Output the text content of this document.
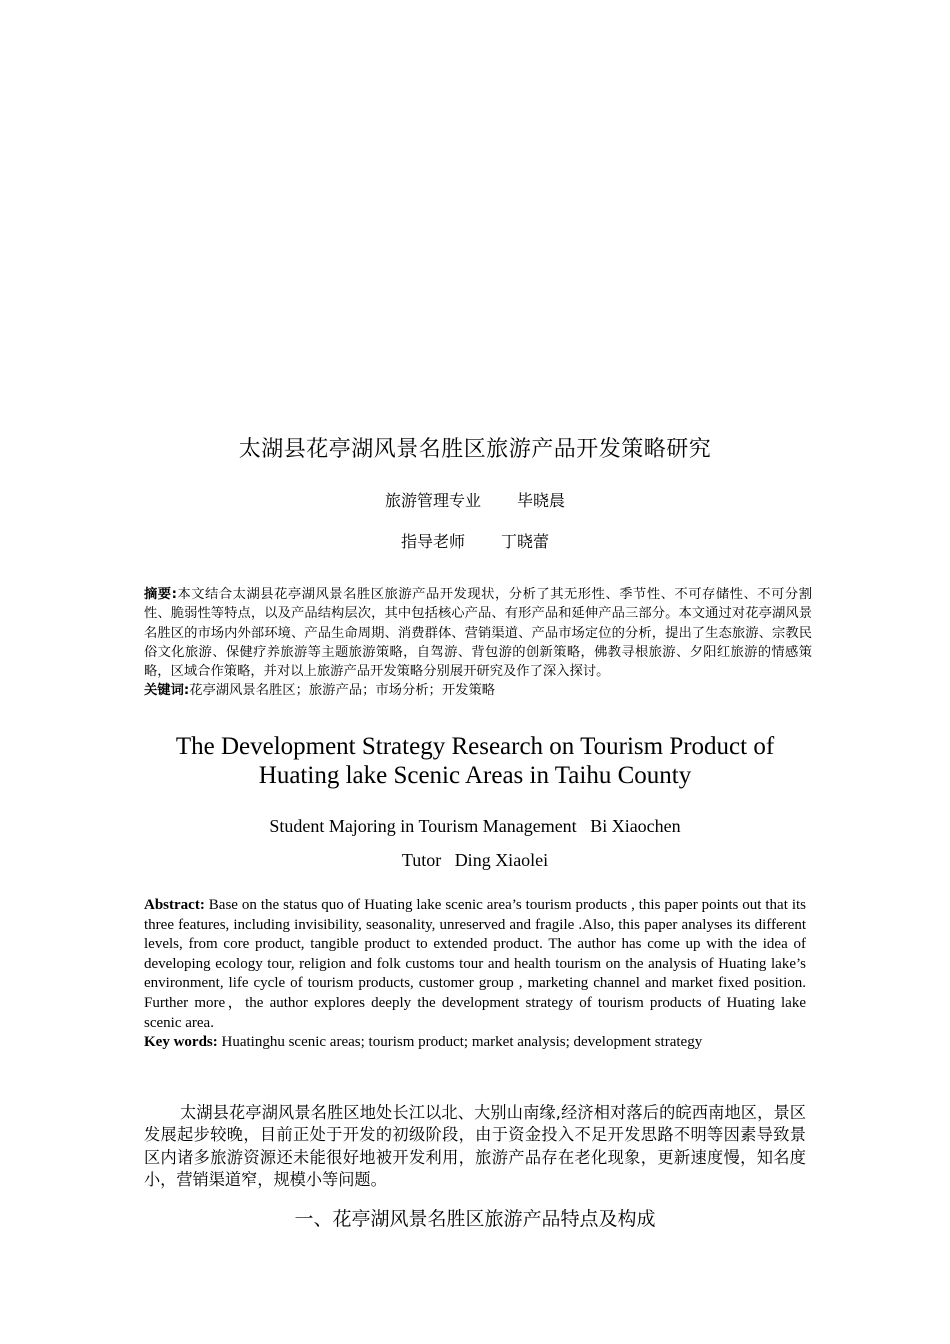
太湖县花亭湖风景名胜区旅游产品开发策略研究
旅游管理专业 毕晓晨
指导老师 丁晓蕾
摘要:本文结合太湖县花亭湖风景名胜区旅游产品开发现状，分析了其无形性、季节性、不可存储性、不可分割性、脆弱性等特点，以及产品结构层次，其中包括核心产品、有形产品和延伸产品三部分。本文通过对花亭湖风景名胜区的市场内外部环境、产品生命周期、消费群体、营销渠道、产品市场定位的分析，提出了生态旅游、宗教民俗文化旅游、保健疗养旅游等主题旅游策略，自驾游、背包游的创新策略，佛教寻根旅游、夕阳红旅游的情感策略，区域合作策略，并对以上旅游产品开发策略分别展开研究及作了深入探讨。
关键词:花亭湖风景名胜区；旅游产品；市场分析；开发策略
The Development Strategy Research on Tourism Product of Huating lake Scenic Areas in Taihu County
Student Majoring in Tourism Management Bi Xiaochen
Tutor Ding Xiaolei
Abstract: Base on the status quo of Huating lake scenic area’s tourism products , this paper points out that its three features, including invisibility, seasonality, unreserved and fragile .Also, this paper analyses its different levels, from core product, tangible product to extended product. The author has come up with the idea of developing ecology tour, religion and folk customs tour and health tourism on the analysis of Huating lake’s environment, life cycle of tourism products, customer group , marketing channel and market fixed position. Further more，the author explores deeply the development strategy of tourism products of Huating lake scenic area.
Key words: Huatinghu scenic areas; tourism product; market analysis; development strategy
太湖县花亭湖风景名胜区地处长江以北、大别山南缘,经济相对落后的皖西南地区，景区发展起步较晚，目前正处于开发的初级阶段，由于资金投入不足开发思路不明等因素导致景区内诸多旅游资源还未能很好地被开发利用，旅游产品存在老化现象，更新速度慢，知名度小，营销渠道窄，规模小等问题。
一、花亭湖风景名胜区旅游产品特点及构成
